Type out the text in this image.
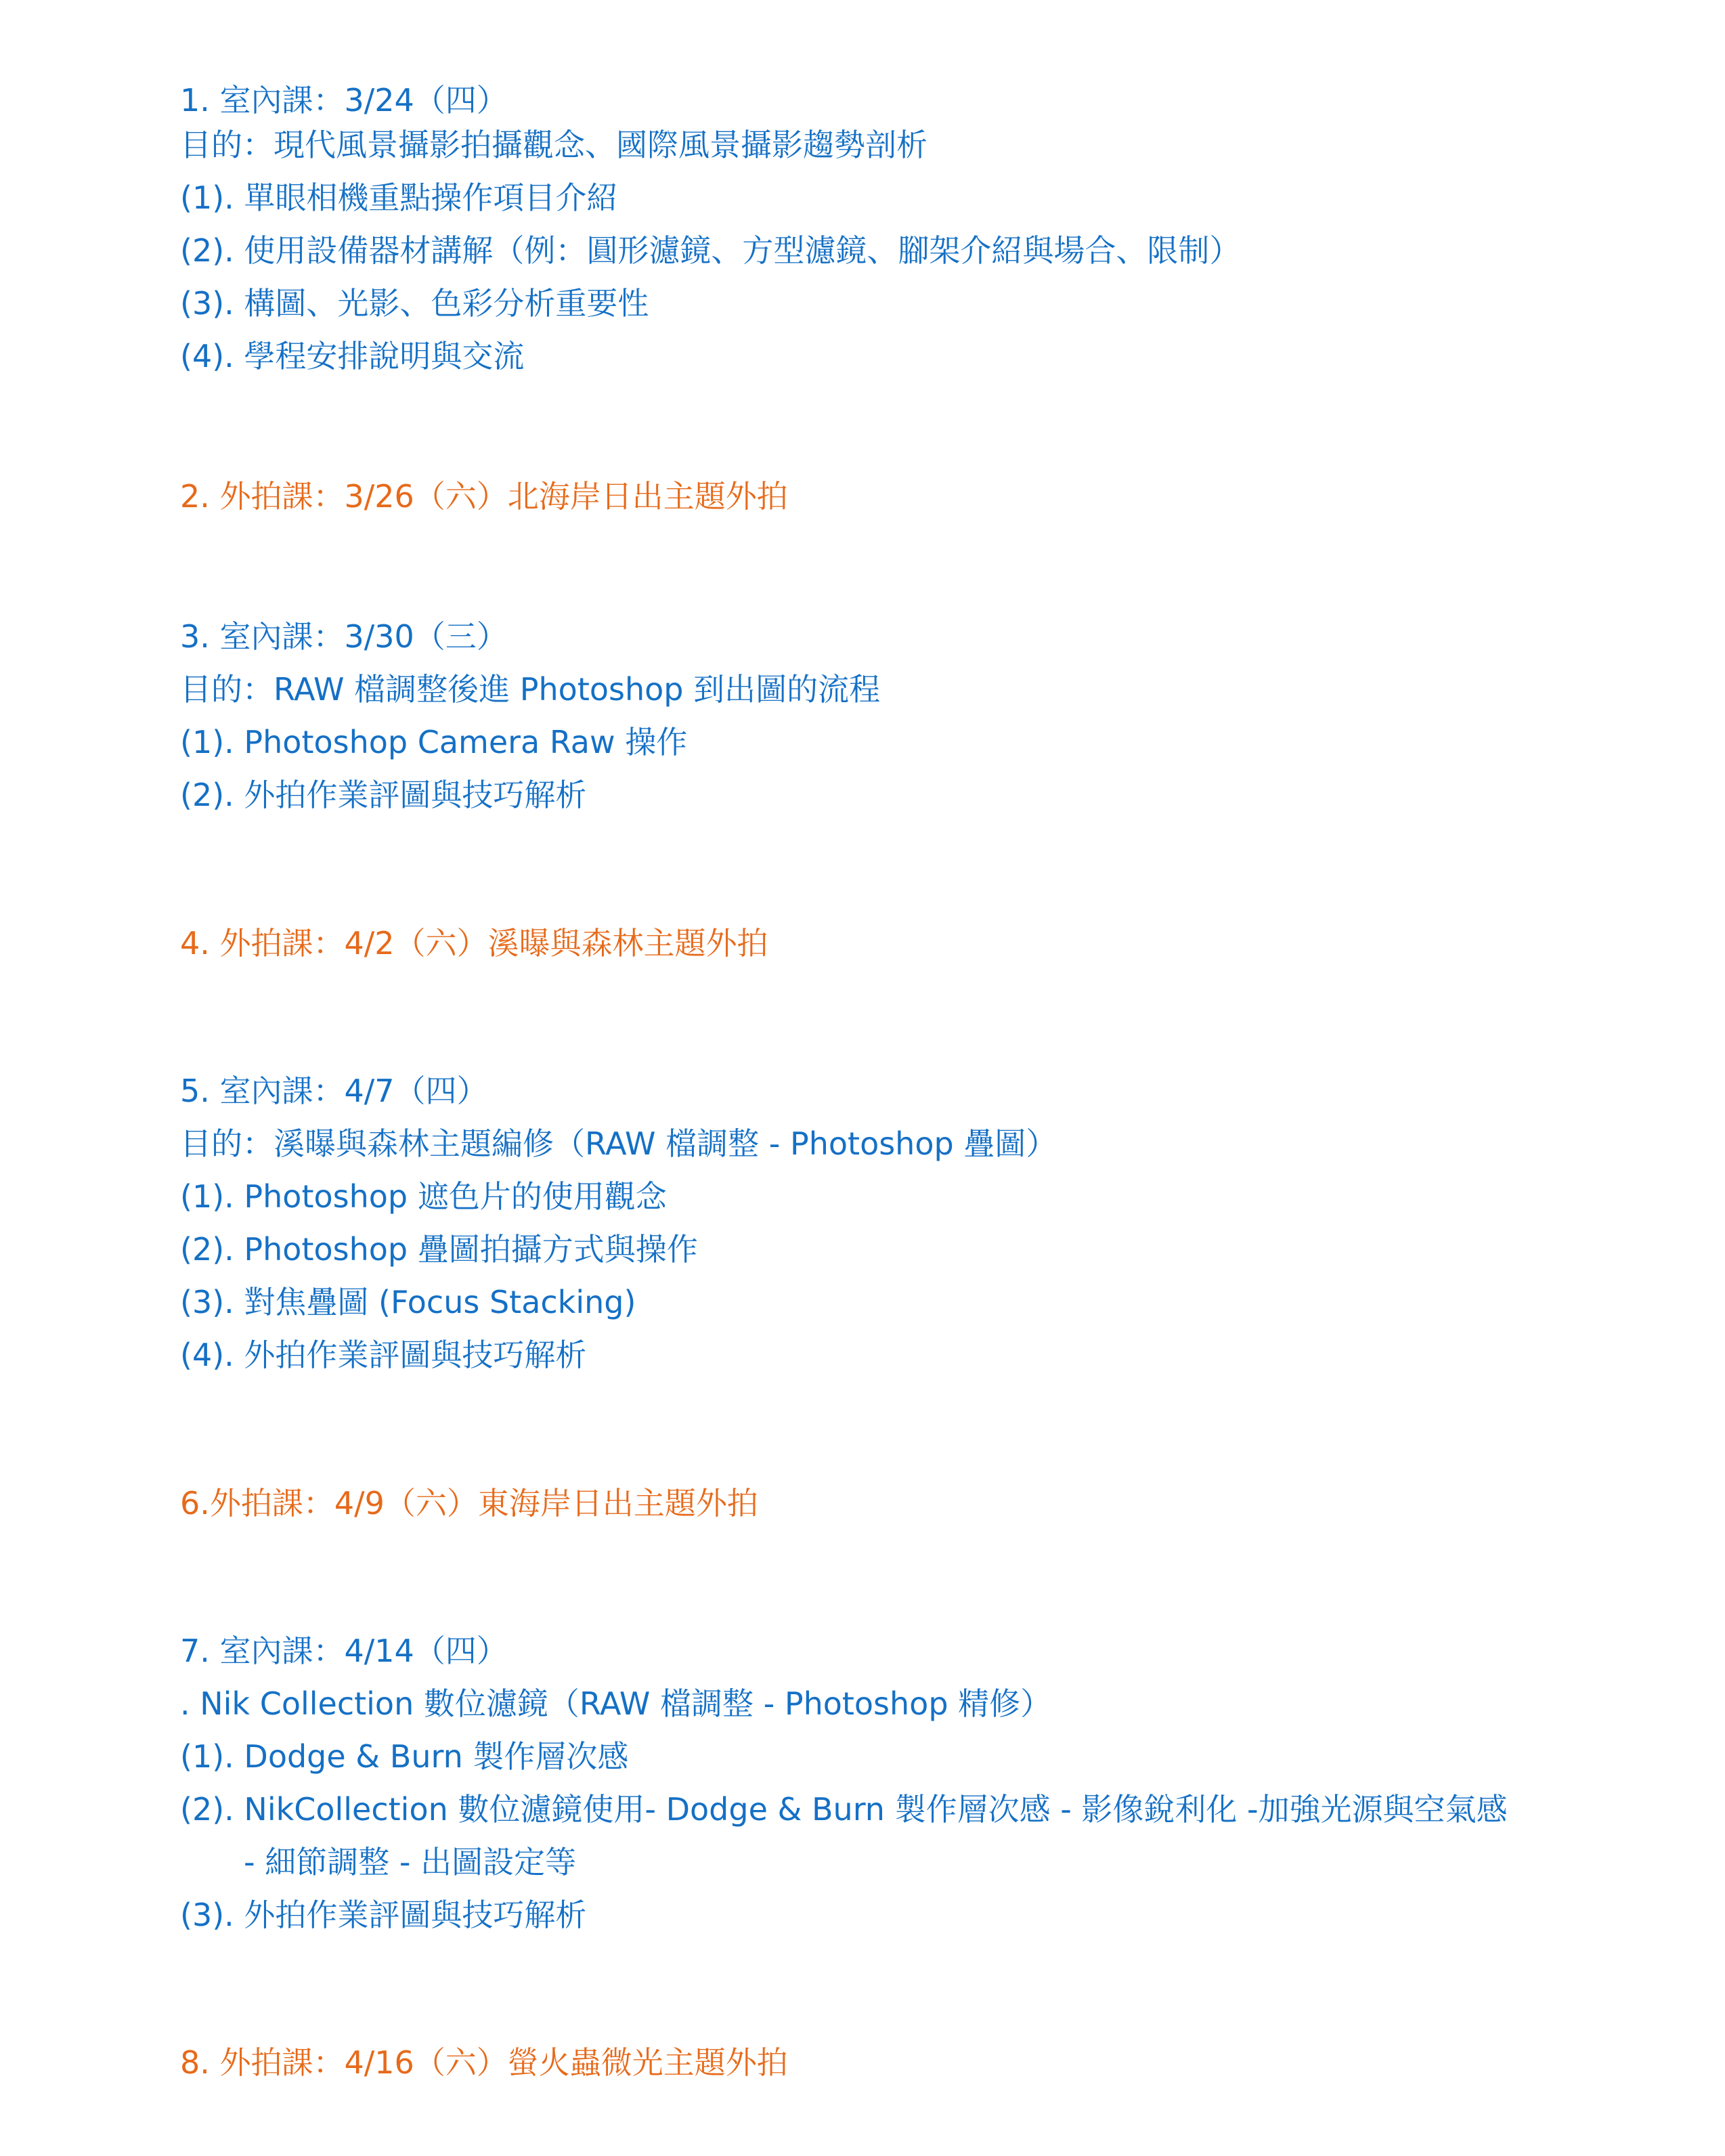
1. 室內課：3/24（四）
目的：現代風景攝影拍攝觀念、國際風景攝影趨勢剖析
(1). 單眼相機重點操作項目介紹
(2). 使用設備器材講解（例：圓形濾鏡、方型濾鏡、腳架介紹與場合、限制）
(3). 構圖、光影、色彩分析重要性
(4). 學程安排說明與交流
2. 外拍課：3/26（六）北海岸日出主題外拍
3. 室內課：3/30（三）
目的：RAW 檔調整後進 Photoshop 到出圖的流程
(1). Photoshop Camera Raw 操作
(2). 外拍作業評圖與技巧解析
4. 外拍課：4/2（六）溪曝與森林主題外拍
5. 室內課：4/7（四）
目的：溪曝與森林主題編修（RAW 檔調整 - Photoshop 疊圖）
(1). Photoshop 遮色片的使用觀念
(2). Photoshop 疊圖拍攝方式與操作
(3). 對焦疊圖 (Focus Stacking)
(4). 外拍作業評圖與技巧解析
6.外拍課：4/9（六）東海岸日出主題外拍
7. 室內課：4/14（四）
. Nik Collection 數位濾鏡（RAW 檔調整 - Photoshop 精修）
(1). Dodge & Burn 製作層次感
(2). NikCollection 數位濾鏡使用- Dodge & Burn 製作層次感 - 影像銳利化 -加強光源與空氣感
- 細節調整 - 出圖設定等
(3). 外拍作業評圖與技巧解析
8. 外拍課：4/16（六）螢火蟲微光主題外拍
